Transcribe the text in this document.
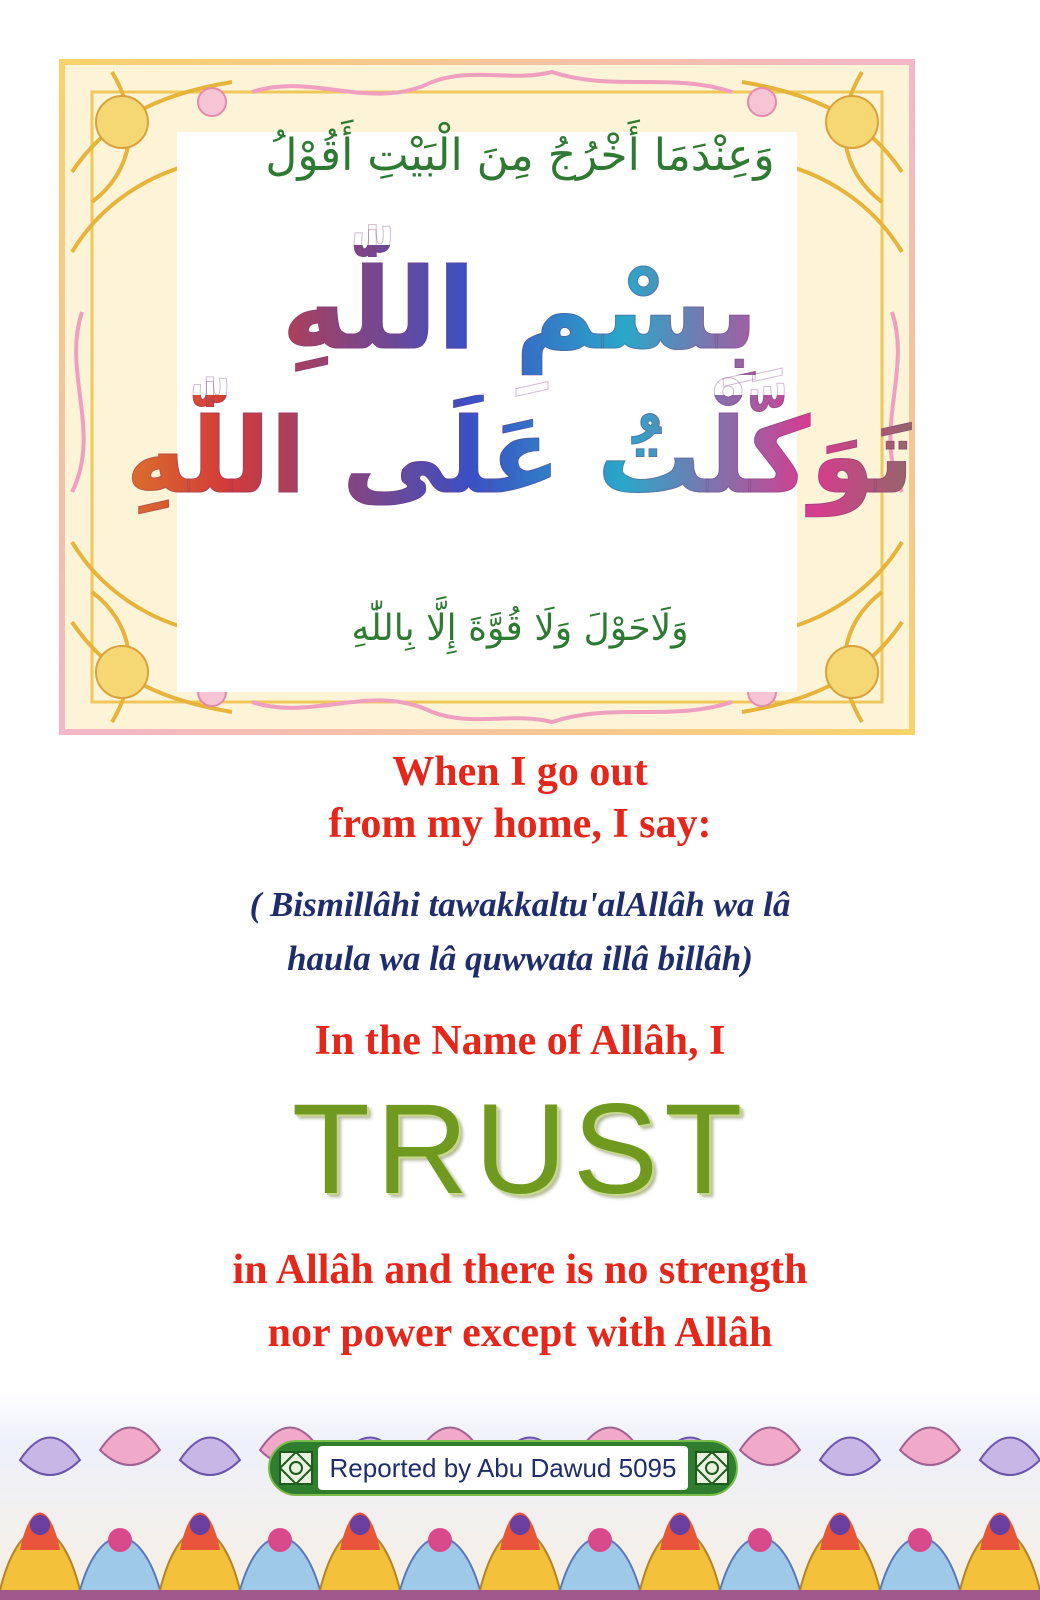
وَعِنْدَمَا أَخْرُجُ مِنَ الْبَيْتِ أَقُوْلُ
بِسْمِ اللّٰهِ
تَوَكَّلْتُ عَلَى اللّٰهِ
وَلَاحَوْلَ وَلَا قُوَّةَ إِلَّا بِاللّٰهِ
When I go out
from my home, I say:
( Bismillâhi tawakkaltu'alAllâh wa lâ
haula wa lâ quwwata illâ billâh)
In the Name of Allâh, I
TRUST
in Allâh and there is no strength
nor power except with Allâh
Reported by Abu Dawud 5095
